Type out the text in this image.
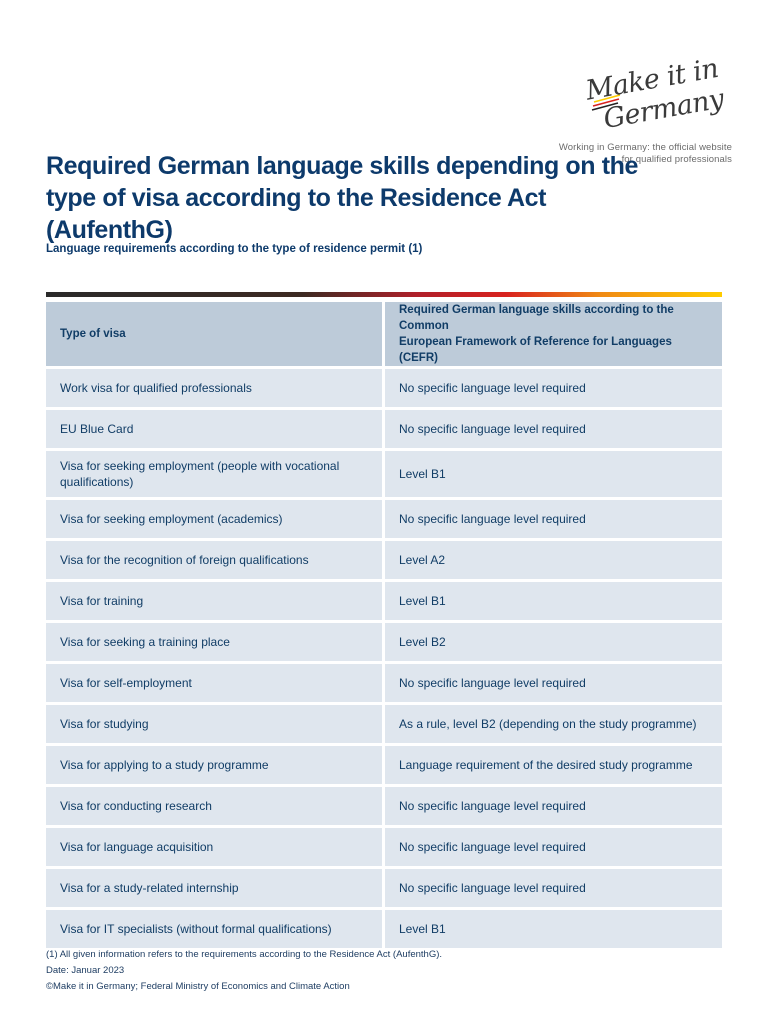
Make it in Germany
Working in Germany: the official website
for qualified professionals
Required German language skills depending on the
type of visa according to the Residence Act (AufenthG)

Language requirements according to the type of residence permit (1)

Type of visa	Required German language skills according to the Common
European Framework of Reference for Languages (CEFR)
Work visa for qualified professionals	No specific language level required
EU Blue Card	No specific language level required
Visa for seeking employment (people with vocational
qualifications)	Level B1
Visa for seeking employment (academics)	No specific language level required
Visa for the recognition of foreign qualifications	Level A2
Visa for training	Level B1
Visa for seeking a training place	Level B2
Visa for self-employment	No specific language level required
Visa for studying	As a rule, level B2 (depending on the study programme)
Visa for applying to a study programme	Language requirement of the desired study programme
Visa for conducting research	No specific language level required
Visa for language acquisition	No specific language level required
Visa for a study-related internship	No specific language level required
Visa for IT specialists (without formal qualifications)	Level B1
(1) All given information refers to the requirements according to the Residence Act (AufenthG).
Date: Januar 2023
©Make it in Germany; Federal Ministry of Economics and Climate Action
